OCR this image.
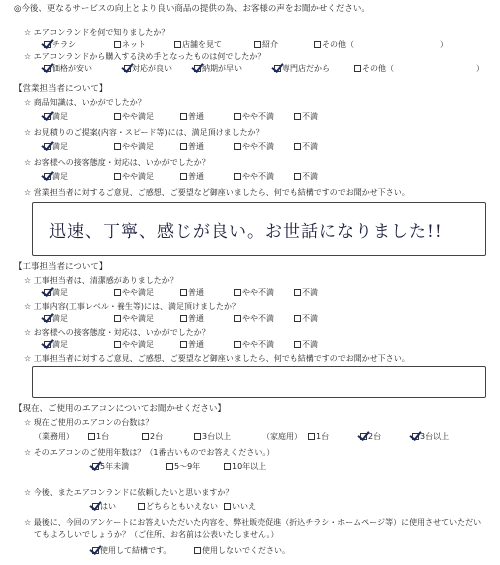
◎今後、更なるサービスの向上とより良い商品の提供の為、お客様の声をお聞かせください。
☆ エアコンランドを何で知りましたか？
チラシ	ネット	店舗を見て	紹介	その他（	）
☆ エアコンランドから購入する決め手となったものは何でしたか？
価格が安い	対応が良い	納期が早い	専門店だから	その他（	）
【営業担当者について】
☆ 商品知識は、いかがでしたか？
満足	やや満足	普通	やや不満	不満
☆ お見積りのご提案(内容・スピード等)には、満足頂けましたか？
満足	やや満足	普通	やや不満	不満
☆ お客様への接客態度・対応は、いかがでしたか？
満足	やや満足	普通	やや不満	不満
☆ 営業担当者に対するご意見、ご感想、ご要望など御座いましたら、何でも結構ですのでお聞かせ下さい。
迅速、丁寧、感じが良い。お世話になりました!!
【工事担当者について】
☆ 工事担当者は、清潔感がありましたか？
満足	やや満足	普通	やや不満	不満
☆ 工事内容(工事レベル・養生等)には、満足頂けましたか？
満足	やや満足	普通	やや不満	不満
☆ お客様への接客態度・対応は、いかがでしたか？
満足	やや満足	普通	やや不満	不満
☆ 工事担当者に対するご意見、ご感想、ご要望など御座いましたら、何でも結構ですのでお聞かせ下さい。
【現在、ご使用のエアコンについてお聞かせください】
☆ 現在ご使用のエアコンの台数は？
（業務用）	1台	2台	3台以上	（家庭用）	1台	2台	3台以上
☆ そのエアコンのご使用年数は？（1番古いものでお答えください。）
5年未満	5～9年	10年以上
☆ 今後、またエアコンランドに依頼したいと思いますか？
はい	どちらともいえない	いいえ
☆ 最後に、今回のアンケートにお答えいただいた内容を、弊社販売促進（折込チラシ・ホームページ等）に使用させていただい
てもよろしいでしょうか？（ご住所、お名前は公表いたしません。）
使用して結構です。	使用しないでください。
